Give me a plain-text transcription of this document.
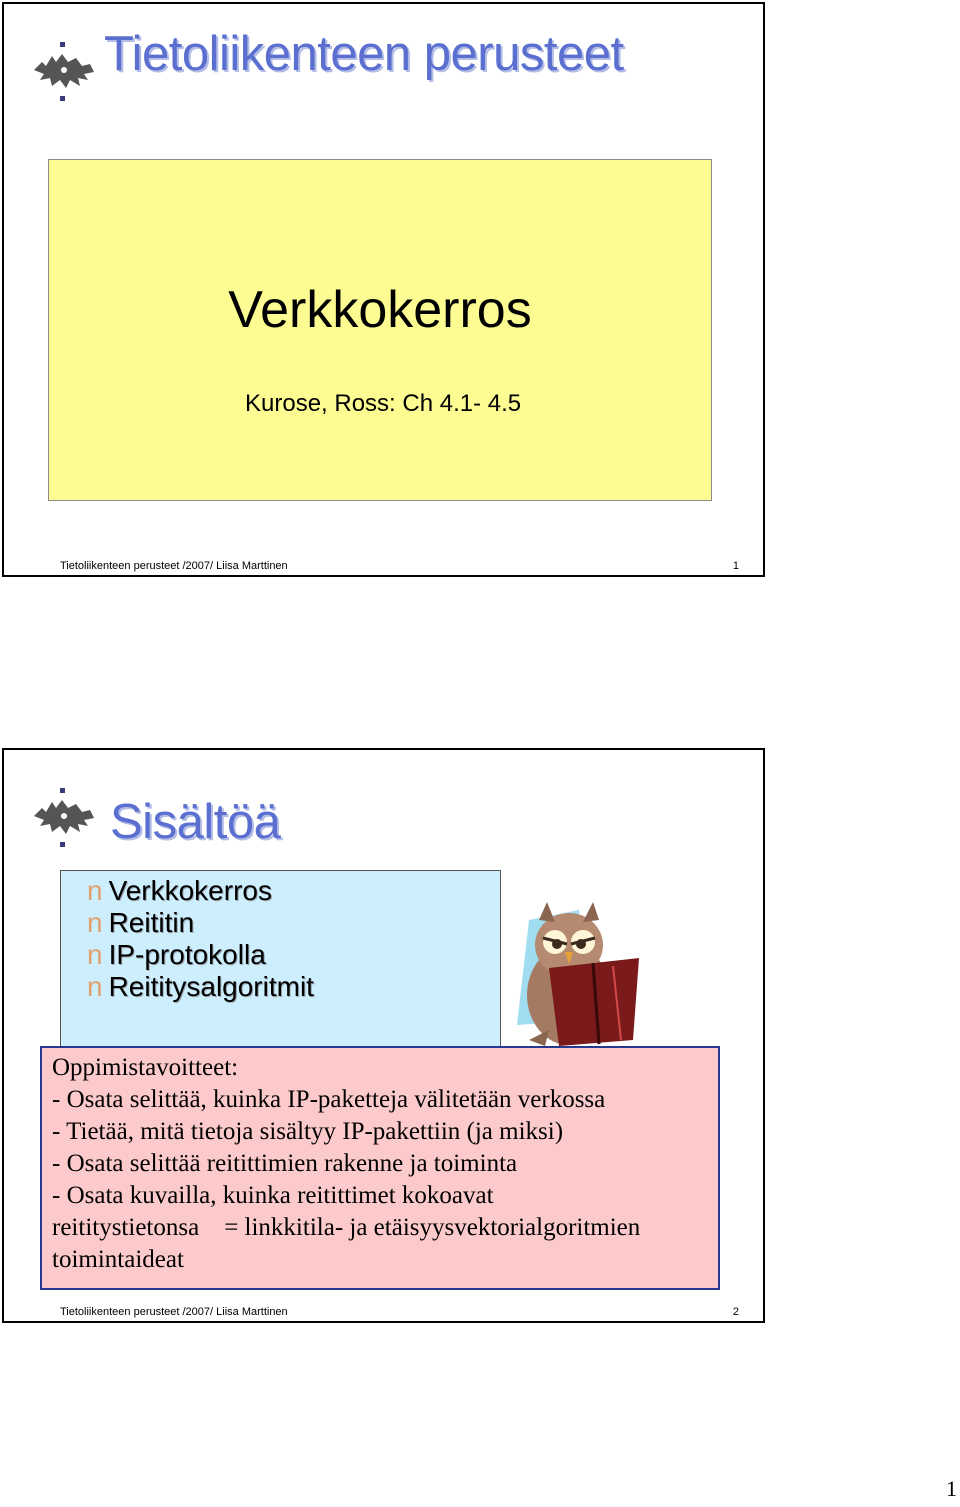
Tietoliikenteen perusteet
Verkkokerros
Kurose, Ross: Ch 4.1- 4.5
Tietoliikenteen perusteet /2007/ Liisa Marttinen	1
Sisältöä
n Verkkokerros
n Reititin
n IP-protokolla
n Reititysalgoritmit
Oppimistavoitteet:
- Osata selittää, kuinka IP-paketteja välitetään verkossa
- Tietää, mitä tietoja sisältyy IP-pakettiin (ja miksi)
- Osata selittää reitittimien rakenne ja toiminta
- Osata kuvailla, kuinka reitittimet kokoavat
reititystietonsa    = linkkitila- ja etäisyysvektorialgoritmien
toimintaideat
Tietoliikenteen perusteet /2007/ Liisa Marttinen	2
1
